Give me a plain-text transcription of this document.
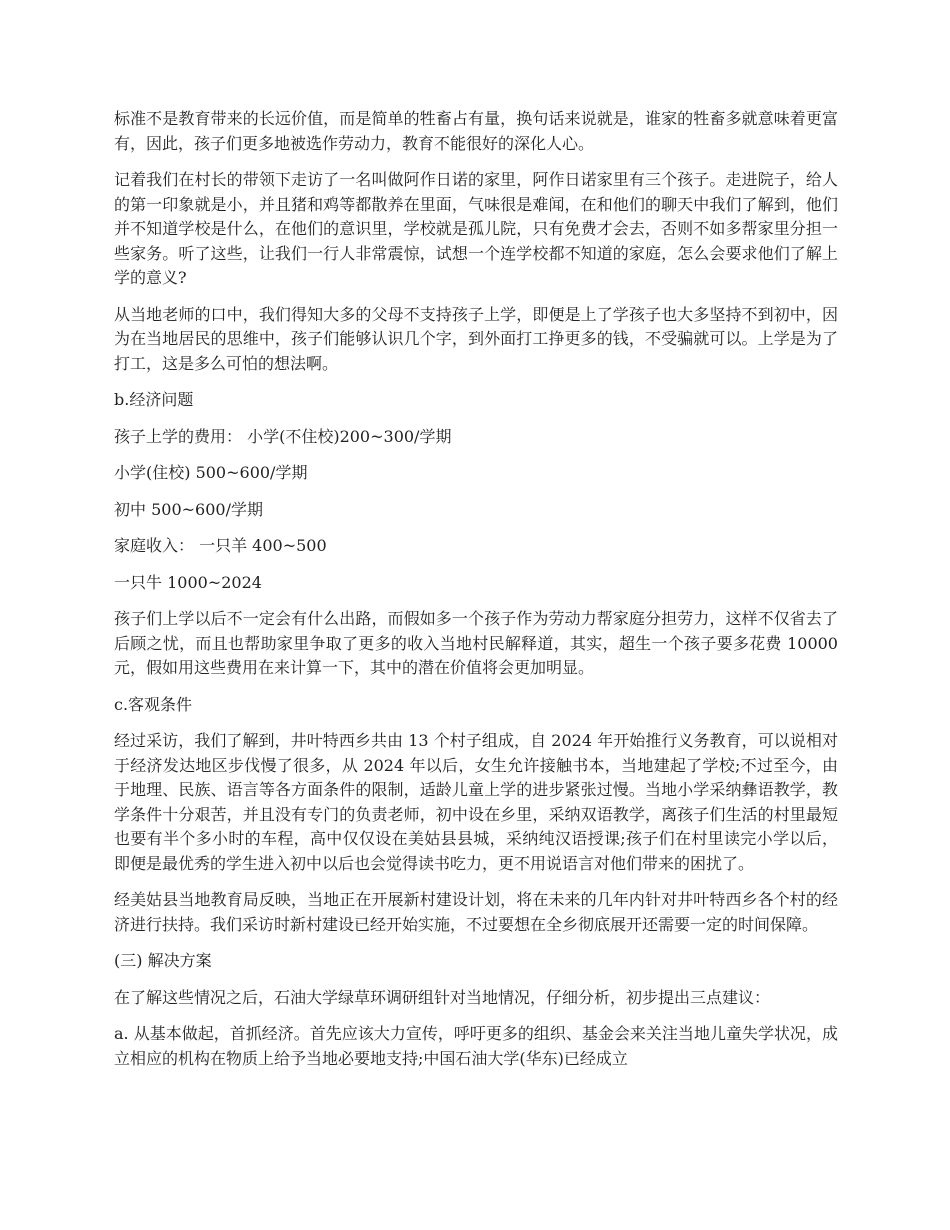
标准不是教育带来的长远价值，而是简单的牲畜占有量，换句话来说就是，谁家的牲畜多就意味着更富有，因此，孩子们更多地被选作劳动力，教育不能很好的深化人心。

记着我们在村长的带领下走访了一名叫做阿作日诺的家里，阿作日诺家里有三个孩子。走进院子，给人的第一印象就是小，并且猪和鸡等都散养在里面，气味很是难闻，在和他们的聊天中我们了解到，他们并不知道学校是什么，在他们的意识里，学校就是孤儿院，只有免费才会去，否则不如多帮家里分担一些家务。听了这些，让我们一行人非常震惊，试想一个连学校都不知道的家庭，怎么会要求他们了解上学的意义?

从当地老师的口中，我们得知大多的父母不支持孩子上学，即便是上了学孩子也大多坚持不到初中，因为在当地居民的思维中，孩子们能够认识几个字，到外面打工挣更多的钱，不受骗就可以。上学是为了打工，这是多么可怕的想法啊。

b.经济问题

孩子上学的费用： 小学(不住校)200~300/学期

小学(住校) 500~600/学期

初中 500~600/学期

家庭收入： 一只羊 400~500

一只牛 1000~2024

孩子们上学以后不一定会有什么出路，而假如多一个孩子作为劳动力帮家庭分担劳力，这样不仅省去了后顾之忧，而且也帮助家里争取了更多的收入当地村民解释道，其实，超生一个孩子要多花费 10000 元，假如用这些费用在来计算一下，其中的潜在价值将会更加明显。

c.客观条件

经过采访，我们了解到，井叶特西乡共由 13 个村子组成，自 2024 年开始推行义务教育，可以说相对于经济发达地区步伐慢了很多，从 2024 年以后，女生允许接触书本，当地建起了学校;不过至今，由于地理、民族、语言等各方面条件的限制，适龄儿童上学的进步紧张过慢。当地小学采纳彝语教学，教学条件十分艰苦，并且没有专门的负责老师，初中设在乡里，采纳双语教学，离孩子们生活的村里最短也要有半个多小时的车程，高中仅仅设在美姑县县城，采纳纯汉语授课;孩子们在村里读完小学以后，即便是最优秀的学生进入初中以后也会觉得读书吃力，更不用说语言对他们带来的困扰了。

经美姑县当地教育局反映，当地正在开展新村建设计划，将在未来的几年内针对井叶特西乡各个村的经济进行扶持。我们采访时新村建设已经开始实施，不过要想在全乡彻底展开还需要一定的时间保障。

(三) 解决方案

在了解这些情况之后，石油大学绿草环调研组针对当地情况，仔细分析，初步提出三点建议：

a. 从基本做起，首抓经济。首先应该大力宣传，呼吁更多的组织、基金会来关注当地儿童失学状况，成立相应的机构在物质上给予当地必要地支持;中国石油大学(华东)已经成立
